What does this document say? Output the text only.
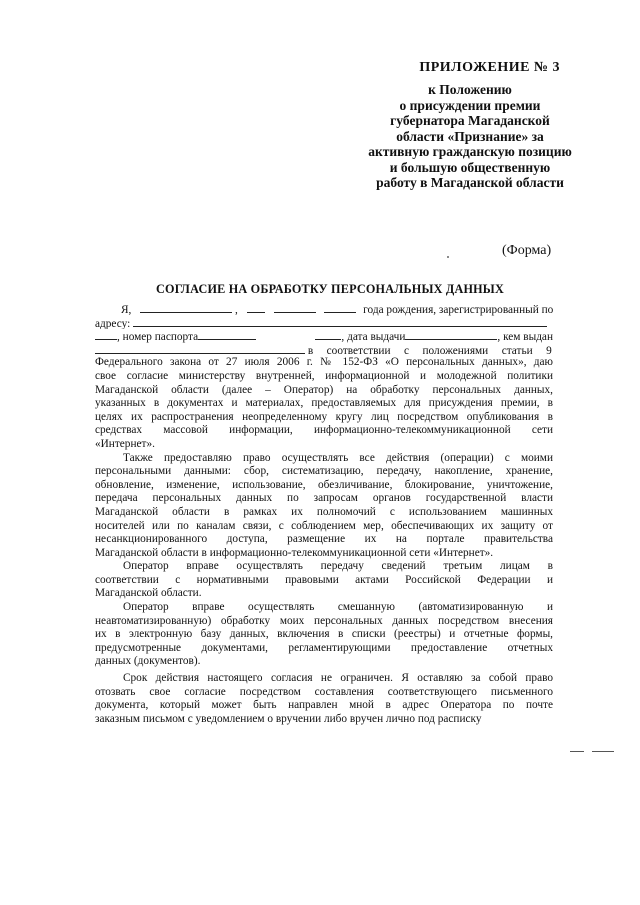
ПРИЛОЖЕНИЕ № 3
к Положению
о присуждении премии
губернатора Магаданской
области «Признание» за
активную гражданскую позицию
и большую общественную
работу в Магаданской области
(Форма)
СОГЛАСИЕ НА ОБРАБОТКУ ПЕРСОНАЛЬНЫХ ДАННЫХ
Я,	,	года рождения, зарегистрированный по
адресу:
, номер паспорта	, дата выдачи	, кем выдан
в соответствии с положениями статьи 9
Федерального закона от 27 июля 2006 г. № 152-ФЗ «О персональных данных», даю
свое согласие министерству внутренней, информационной и молодежной политики
Магаданской области (далее – Оператор) на обработку персональных данных,
указанных в документах и материалах, предоставляемых для присуждения премии, в
целях их распространения неопределенному кругу лиц посредством опубликования в
средствах массовой информации, информационно-телекоммуникационной сети
«Интернет».
Также предоставляю право осуществлять все действия (операции) с моими
персональными данными: сбор, систематизацию, передачу, накопление, хранение,
обновление, изменение, использование, обезличивание, блокирование, уничтожение,
передача персональных данных по запросам органов государственной власти
Магаданской области в рамках их полномочий с использованием машинных
носителей или по каналам связи, с соблюдением мер, обеспечивающих их защиту от
несанкционированного доступа, размещение их на портале правительства
Магаданской области в информационно-телекоммуникационной сети «Интернет».
Оператор вправе осуществлять передачу сведений третьим лицам в
соответствии с нормативными правовыми актами Российской Федерации и
Магаданской области.
Оператор вправе осуществлять смешанную (автоматизированную и
неавтоматизированную) обработку моих персональных данных посредством внесения
их в электронную базу данных, включения в списки (реестры) и отчетные формы,
предусмотренные документами, регламентирующими предоставление отчетных
данных (документов).
Срок действия настоящего согласия не ограничен. Я оставляю за собой право
отозвать свое согласие посредством составления соответствующего письменного
документа, который может быть направлен мной в адрес Оператора по почте
заказным письмом с уведомлением о вручении либо вручен лично под расписку
